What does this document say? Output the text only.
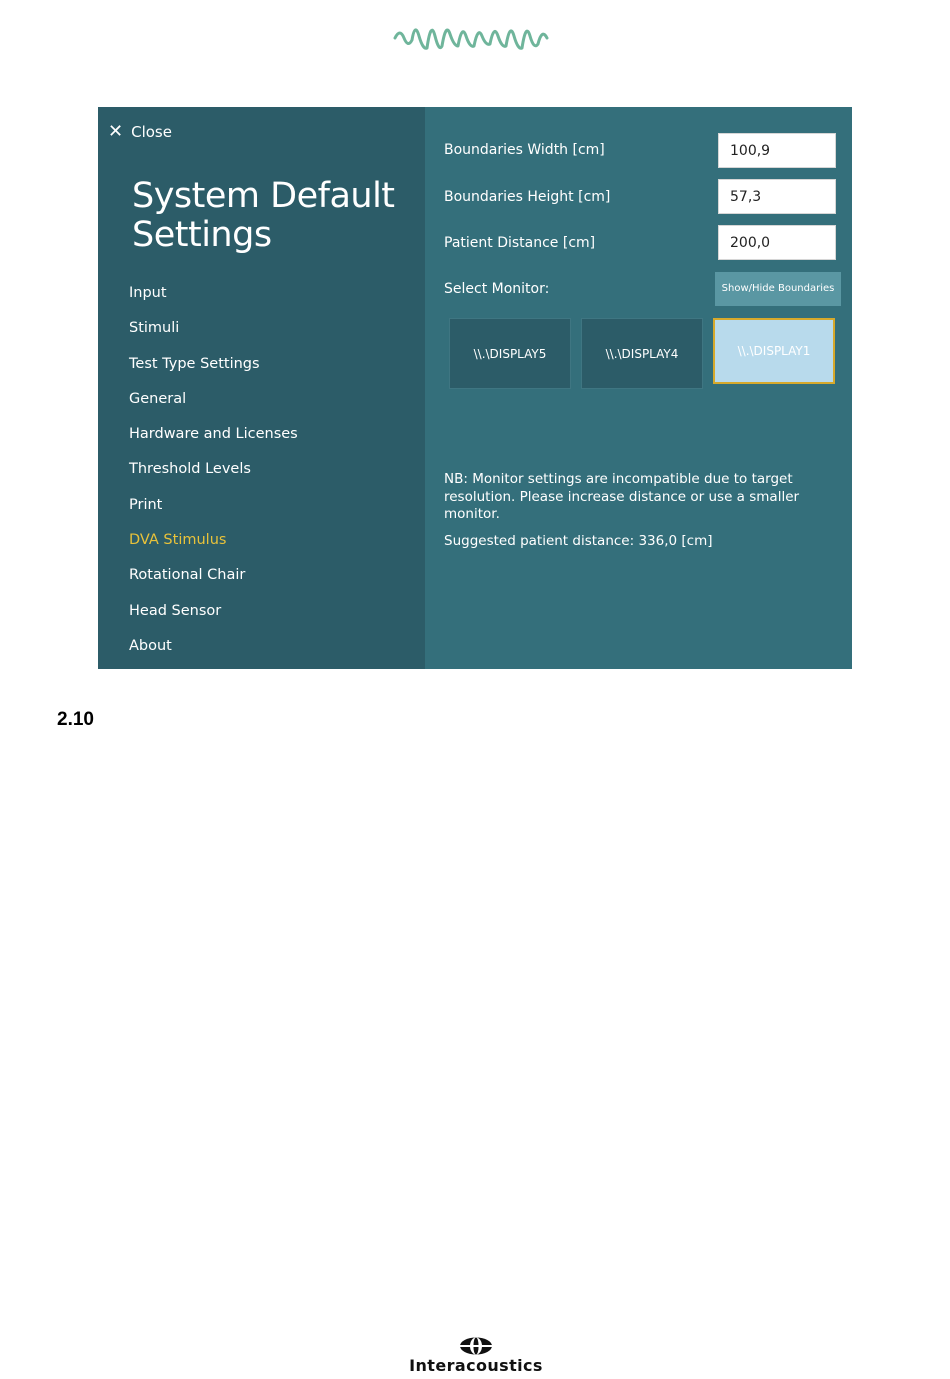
✕ Close
System Default Settings
Input
Stimuli
Test Type Settings
General
Hardware and Licenses
Threshold Levels
Print
DVA Stimulus
Rotational Chair
Head Sensor
About
Boundaries Width [cm]	100,9
Boundaries Height [cm]	57,3
Patient Distance [cm]	200,0
Select Monitor:	Show/Hide Boundaries
\\.\DISPLAY5	\\.\DISPLAY4	\\.\DISPLAY1

NB: Monitor settings are incompatible due to target resolution. Please increase distance or use a smaller monitor.

Suggested patient distance: 336,0 [cm]

2.10
Interacoustics
